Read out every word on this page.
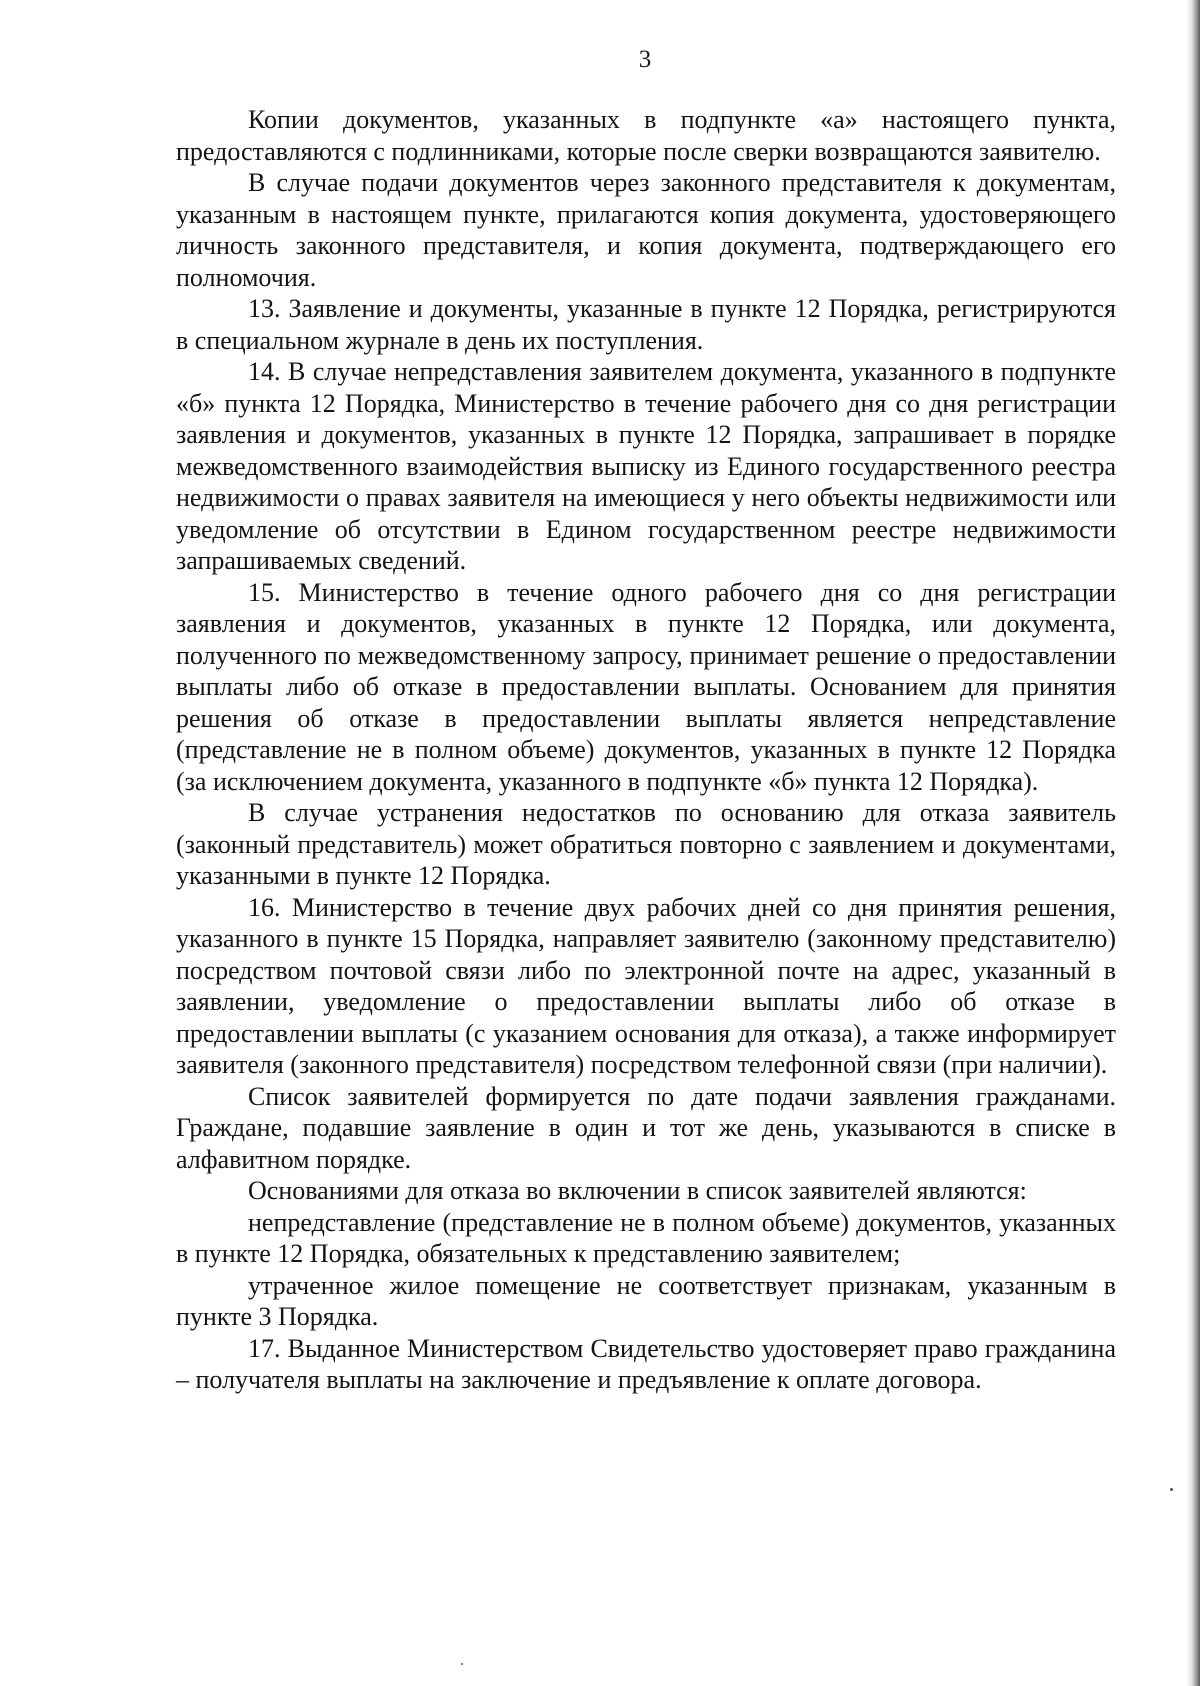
3

Копии документов, указанных в подпункте «а» настоящего пункта, предоставляются с подлинниками, которые после сверки возвращаются заявителю.

В случае подачи документов через законного представителя к документам, указанным в настоящем пункте, прилагаются копия документа, удостоверяющего личность законного представителя, и копия документа, подтверждающего его полномочия.

13. Заявление и документы, указанные в пункте 12 Порядка, регистрируются в специальном журнале в день их поступления.

14. В случае непредставления заявителем документа, указанного в подпункте «б» пункта 12 Порядка, Министерство в течение рабочего дня со дня регистрации заявления и документов, указанных в пункте 12 Порядка, запрашивает в порядке межведомственного взаимодействия выписку из Единого государственного реестра недвижимости о правах заявителя на имеющиеся у него объекты недвижимости или уведомление об отсутствии в Едином государственном реестре недвижимости запрашиваемых сведений.

15. Министерство в течение одного рабочего дня со дня регистрации заявления и документов, указанных в пункте 12 Порядка, или документа, полученного по межведомственному запросу, принимает решение о предоставлении выплаты либо об отказе в предоставлении выплаты. Основанием для принятия решения об отказе в предоставлении выплаты является непредставление (представление не в полном объеме) документов, указанных в пункте 12 Порядка (за исключением документа, указанного в подпункте «б» пункта 12 Порядка).

В случае устранения недостатков по основанию для отказа заявитель (законный представитель) может обратиться повторно с заявлением и документами, указанными в пункте 12 Порядка.

16. Министерство в течение двух рабочих дней со дня принятия решения, указанного в пункте 15 Порядка, направляет заявителю (законному представителю) посредством почтовой связи либо по электронной почте на адрес, указанный в заявлении, уведомление о предоставлении выплаты либо об отказе в предоставлении выплаты (с указанием основания для отказа), а также информирует заявителя (законного представителя) посредством телефонной связи (при наличии).

Список заявителей формируется по дате подачи заявления гражданами. Граждане, подавшие заявление в один и тот же день, указываются в списке в алфавитном порядке.

Основаниями для отказа во включении в список заявителей являются:

непредставление (представление не в полном объеме) документов, указанных в пункте 12 Порядка, обязательных к представлению заявителем;

утраченное жилое помещение не соответствует признакам, указанным в пункте 3 Порядка.

17. Выданное Министерством Свидетельство удостоверяет право гражданина – получателя выплаты на заключение и предъявление к оплате договора.
